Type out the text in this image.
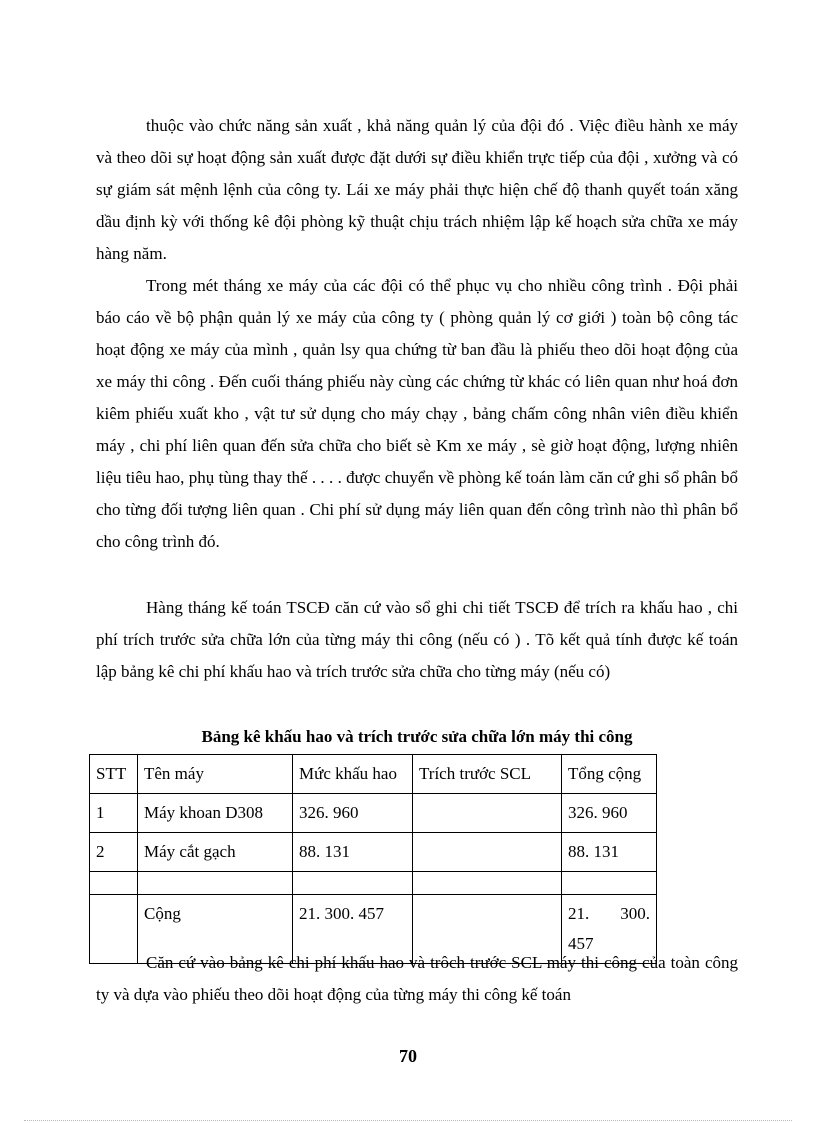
thuộc vào chức năng sản xuất , khả năng quản lý của đội đó . Việc điều hành xe máy và theo dõi sự hoạt động sản xuất được đặt dưới sự điều khiển trực tiếp của đội , xưởng và có sự giám sát mệnh lệnh của công ty. Lái xe máy phải thực hiện chế độ thanh quyết toán xăng dầu định kỳ với thống kê đội phòng kỹ thuật chịu trách nhiệm lập kế hoạch sửa chữa xe máy hàng năm.

Trong mét tháng xe máy của các đội có thể phục vụ cho nhiều công trình . Đội phải báo cáo về bộ phận quản lý xe máy của công ty ( phòng quản lý cơ giới ) toàn bộ công tác hoạt động xe máy của mình , quản lsy qua chứng từ ban đầu là phiếu theo dõi hoạt động của xe máy thi công . Đến cuối tháng phiếu này cùng các chứng từ khác có liên quan như hoá đơn kiêm phiếu xuất kho , vật tư sử dụng cho máy chạy , bảng chấm công nhân viên điều khiển máy , chi phí liên quan đến sửa chữa cho biết sè Km xe máy , sè giờ hoạt động, lượng nhiên liệu tiêu hao, phụ tùng thay thế . . . . được chuyển về phòng kế toán làm căn cứ ghi sổ phân bổ cho từng đối tượng liên quan . Chi phí sử dụng máy liên quan đến công trình nào thì phân bổ cho công trình đó.

Hàng tháng kế toán TSCĐ căn cứ vào sổ ghi chi tiết TSCĐ để trích ra khấu hao , chi phí trích trước sửa chữa lớn của từng máy thi công (nếu có ) . Tõ kết quả tính được kế toán lập bảng kê chi phí khấu hao và trích trước sửa chữa cho từng máy (nếu có)

Bảng kê khấu hao và trích trước sửa chữa lớn máy thi công
STT	Tên máy	Mức khấu hao	Trích trước SCL	Tổng cộng
1	Máy khoan D308	326. 960		326. 960
2	Máy cắt gạch	88. 131		88. 131

	Cộng	21. 300. 457		21. 300.
457

Căn cứ vào bảng kê chi phí khấu hao và trôch trước SCL máy thi công của toàn công ty và dựa vào phiếu theo dõi hoạt động của từng máy thi công kế toán

70
